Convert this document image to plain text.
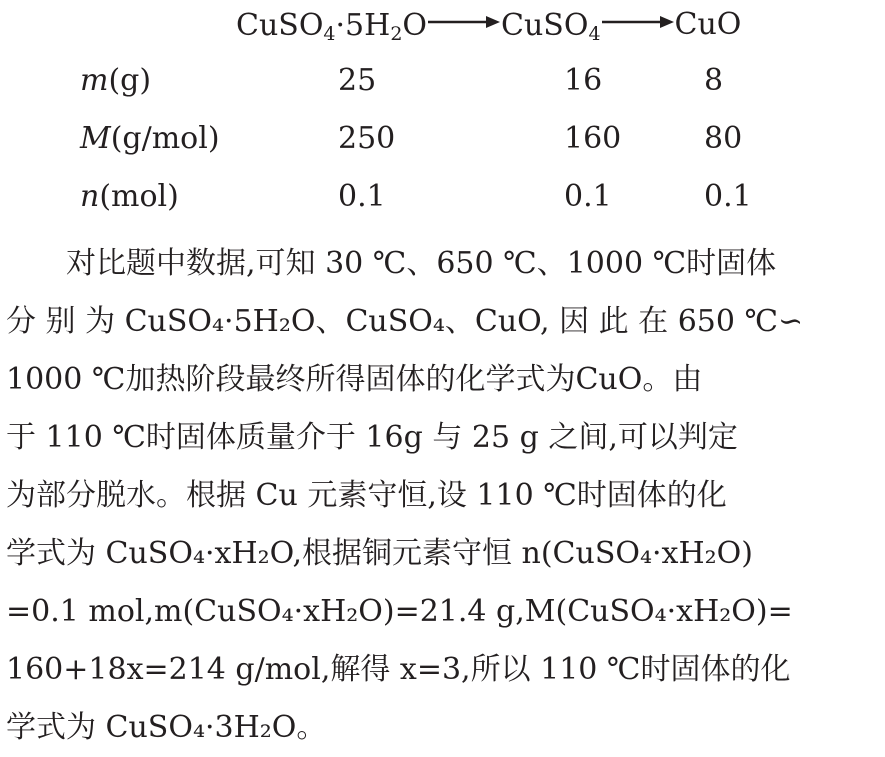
$CuSO_4\cdot 5H_2O\to CuSO_4 \to CuO$
m(g)	25	16	8
M(g/mol)	250	160	80
n(mol)	0.1	0.1	0.1
　　对比题中数据,可知 30 ℃、650 ℃、1000 ℃时固体
分 别 为 CuSO₄·5H₂O、CuSO₄、CuO, 因 此 在 650 ℃∽
1000 ℃加热阶段最终所得固体的化学式为CuO。由
于 110 ℃时固体质量介于 16g 与 25 g 之间,可以判定
为部分脱水。根据 Cu 元素守恒,设 110 ℃时固体的化
学式为 CuSO₄·xH₂O,根据铜元素守恒 n(CuSO₄·xH₂O)
=0.1 mol,m(CuSO₄·xH₂O)=21.4 g,M(CuSO₄·xH₂O)=
160+18x=214 g/mol,解得 x=3,所以 110 ℃时固体的化
学式为 CuSO₄·3H₂O。
